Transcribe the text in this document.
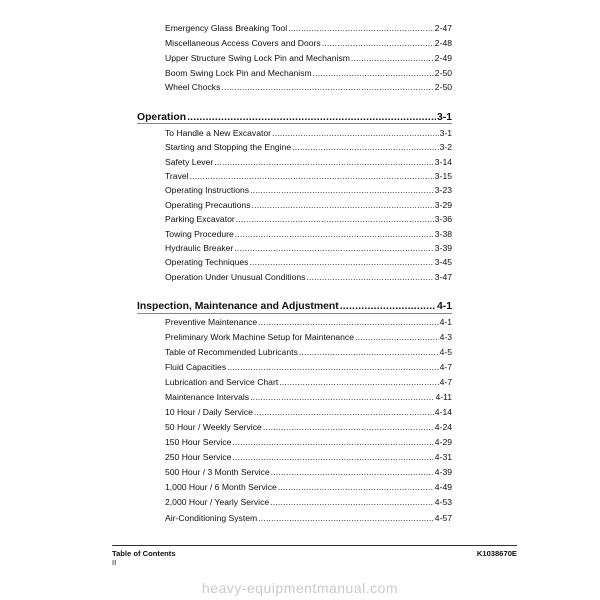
Emergency Glass Breaking Tool .....	2-47
Miscellaneous Access Covers and Doors .....	2-48
Upper Structure Swing Lock Pin and Mechanism .....	2-49
Boom Swing Lock Pin and Mechanism .....	2-50
Wheel Chocks .....	2-50
Operation .....	3-1
To Handle a New Excavator .....	3-1
Starting and Stopping the Engine .....	3-2
Safety Lever .....	3-14
Travel .....	3-15
Operating Instructions .....	3-23
Operating Precautions .....	3-29
Parking Excavator .....	3-36
Towing Procedure .....	3-38
Hydraulic Breaker .....	3-39
Operating Techniques .....	3-45
Operation Under Unusual Conditions .....	3-47
Inspection, Maintenance and Adjustment .....	4-1
Preventive Maintenance .....	4-1
Preliminary Work Machine Setup for Maintenance .....	4-3
Table of Recommended Lubricants .....	4-5
Fluid Capacities .....	4-7
Lubrication and Service Chart .....	4-7
Maintenance Intervals .....	4-11
10 Hour / Daily Service .....	4-14
50 Hour / Weekly Service .....	4-24
150 Hour Service .....	4-29
250 Hour Service .....	4-31
500 Hour / 3 Month Service .....	4-39
1,000 Hour / 6 Month Service .....	4-49
2,000 Hour / Yearly Service .....	4-53
Air-Conditioning System .....	4-57
Table of Contents	K1038670E
II
heavy-equipmentmanual.com
